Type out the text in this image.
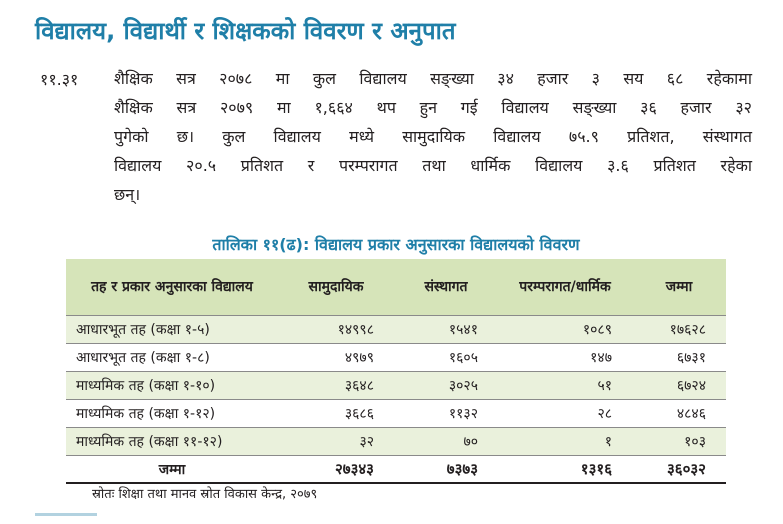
विद्यालय, विद्यार्थी र शिक्षकको विवरण र अनुपात
११.३१ शैक्षिक सत्र २०७८ मा कुल विद्यालय सङ्ख्या ३४ हजार ३ सय ६८ रहेकामा
शैक्षिक सत्र २०७९ मा १,६६४ थप हुन गई विद्यालय सङ्ख्या ३६ हजार ३२
पुगेको छ। कुल विद्यालय मध्ये सामुदायिक विद्यालय ७५.९ प्रतिशत, संस्थागत
विद्यालय २०.५ प्रतिशत र परम्परागत तथा धार्मिक विद्यालय ३.६ प्रतिशत रहेका
छन्।
तालिका ११(ढ): विद्यालय प्रकार अनुसारका विद्यालयको विवरण
तह र प्रकार अनुसारका विद्यालय	सामुदायिक	संस्थागत	परम्परागत/धार्मिक	जम्मा
आधारभूत तह (कक्षा १-५)	१४९९८	१५४१	१०८९	१७६२८
आधारभूत तह (कक्षा १-८)	४९७९	१६०५	१४७	६७३१
माध्यमिक तह (कक्षा १-१०)	३६४८	३०२५	५१	६७२४
माध्यमिक तह (कक्षा १-१२)	३६८६	११३२	२८	४८४६
माध्यमिक तह (कक्षा ११-१२)	३२	७०	१	१०३
जम्मा	२७३४३	७३७३	१३१६	३६०३२
स्रोतः शिक्षा तथा मानव स्रोत विकास केन्द्र, २०७९
